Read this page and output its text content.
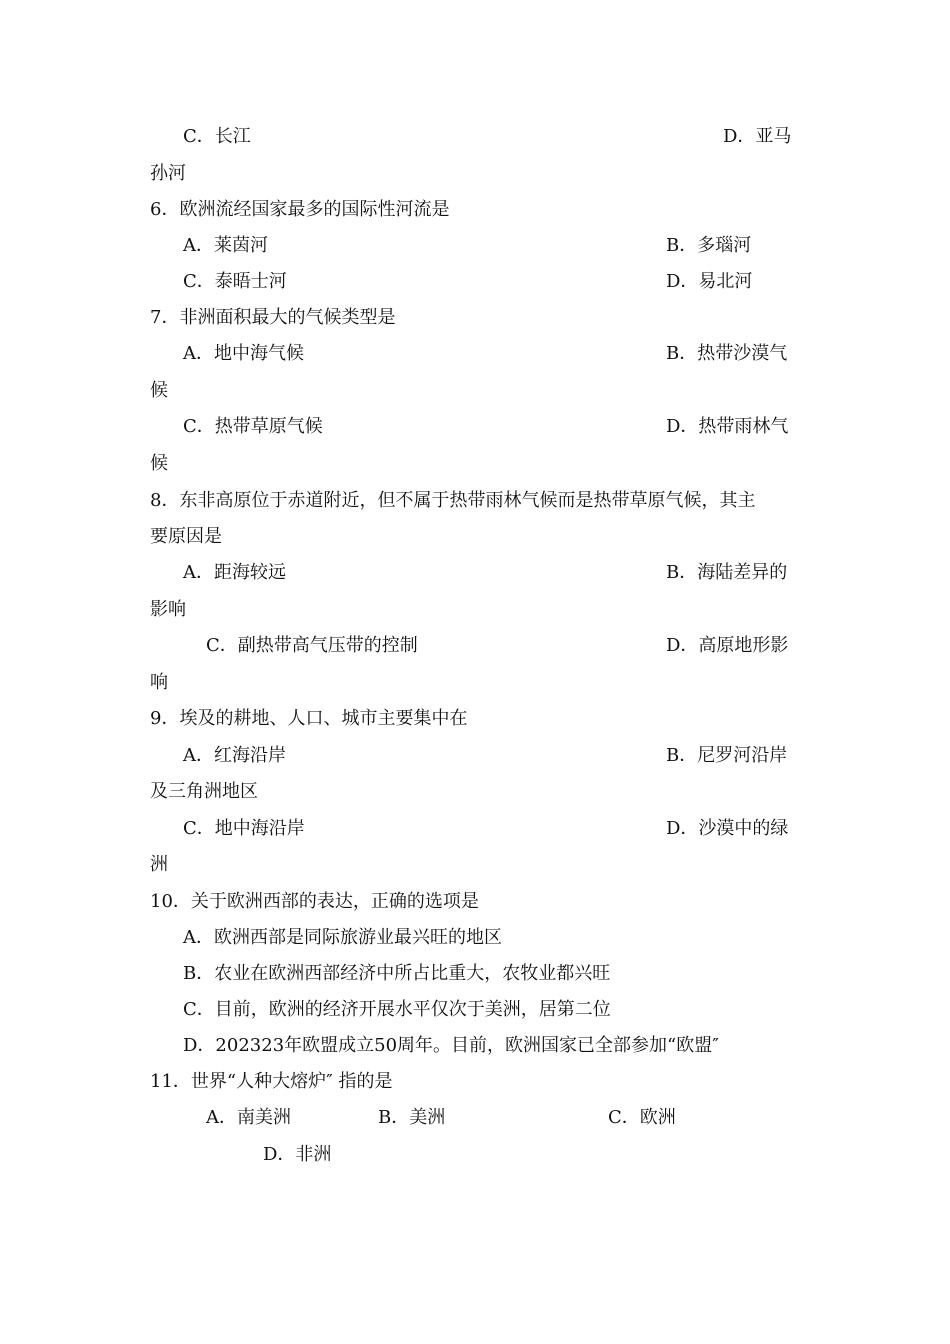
C．长江	D．亚马
孙河
6．欧洲流经国家最多的国际性河流是
A．莱茵河	B．多瑙河
C．泰晤士河	D．易北河
7．非洲面积最大的气候类型是
A．地中海气候	B．热带沙漠气
候
C．热带草原气候	D．热带雨林气
候
8．东非高原位于赤道附近，但不属于热带雨林气候而是热带草原气候，其主
要原因是
A．距海较远	B．海陆差异的
影响
C．副热带高气压带的控制	D．高原地形影
响
9．埃及的耕地、人口、城市主要集中在
A．红海沿岸	B．尼罗河沿岸
及三角洲地区
C．地中海沿岸	D．沙漠中的绿
洲
10．关于欧洲西部的表达，正确的选项是
A．欧洲西部是同际旅游业最兴旺的地区
B．农业在欧洲西部经济中所占比重大，农牧业都兴旺
C．目前，欧洲的经济开展水平仅次于美洲，居第二位
D．202323年欧盟成立50周年。目前，欧洲国家已全部参加“欧盟″
11．世界“人种大熔炉″ 指的是
A．南美洲	B．美洲	C．欧洲
D．非洲
